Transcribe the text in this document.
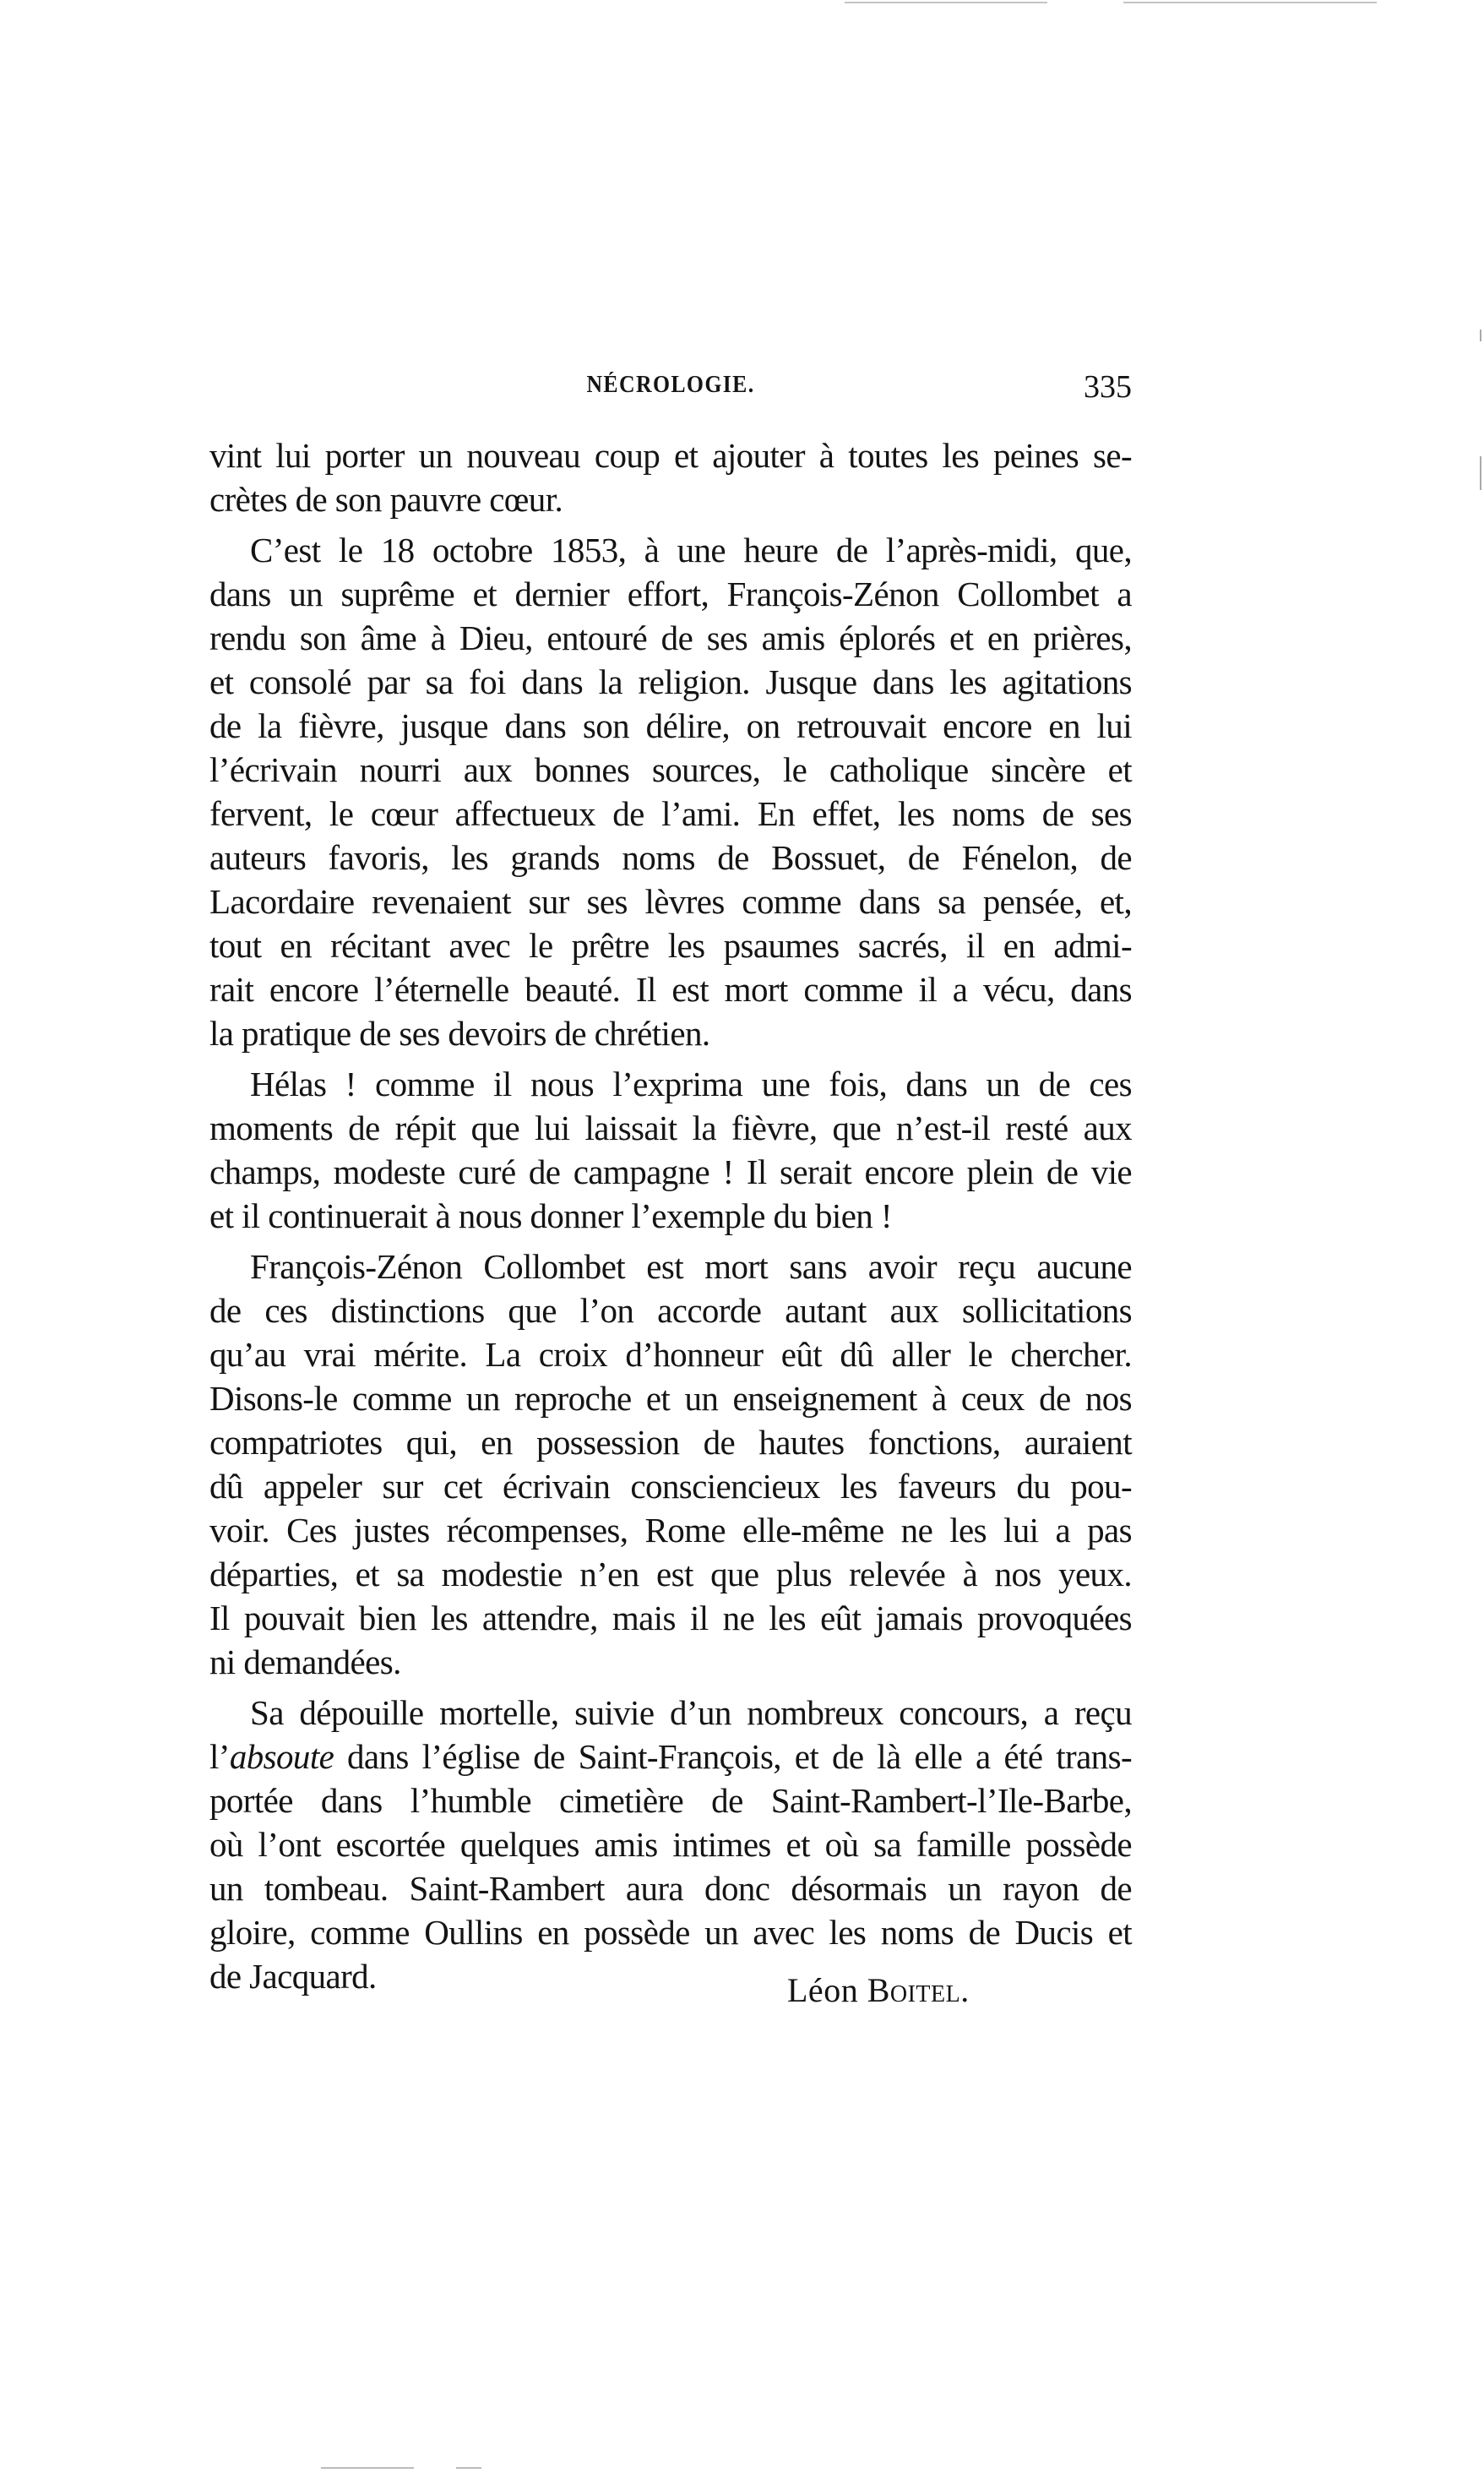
NÉCROLOGIE.	335
vint lui porter un nouveau coup et ajouter à toutes les peines se-
crètes de son pauvre cœur.
C’est le 18 octobre 1853, à une heure de l’après-midi, que,
dans un suprême et dernier effort, François-Zénon Collombet a
rendu son âme à Dieu, entouré de ses amis éplorés et en prières,
et consolé par sa foi dans la religion. Jusque dans les agitations
de la fièvre, jusque dans son délire, on retrouvait encore en lui
l’écrivain nourri aux bonnes sources, le catholique sincère et
fervent, le cœur affectueux de l’ami. En effet, les noms de ses
auteurs favoris, les grands noms de Bossuet, de Fénelon, de
Lacordaire revenaient sur ses lèvres comme dans sa pensée, et,
tout en récitant avec le prêtre les psaumes sacrés, il en admi-
rait encore l’éternelle beauté. Il est mort comme il a vécu, dans
la pratique de ses devoirs de chrétien.
Hélas ! comme il nous l’exprima une fois, dans un de ces
moments de répit que lui laissait la fièvre, que n’est-il resté aux
champs, modeste curé de campagne ! Il serait encore plein de vie
et il continuerait à nous donner l’exemple du bien !
François-Zénon Collombet est mort sans avoir reçu aucune
de ces distinctions que l’on accorde autant aux sollicitations
qu’au vrai mérite. La croix d’honneur eût dû aller le chercher.
Disons-le comme un reproche et un enseignement à ceux de nos
compatriotes qui, en possession de hautes fonctions, auraient
dû appeler sur cet écrivain consciencieux les faveurs du pou-
voir. Ces justes récompenses, Rome elle-même ne les lui a pas
départies, et sa modestie n’en est que plus relevée à nos yeux.
Il pouvait bien les attendre, mais il ne les eût jamais provoquées
ni demandées.
Sa dépouille mortelle, suivie d’un nombreux concours, a reçu
l’absoute dans l’église de Saint-François, et de là elle a été trans-
portée dans l’humble cimetière de Saint-Rambert-l’Ile-Barbe,
où l’ont escortée quelques amis intimes et où sa famille possède
un tombeau. Saint-Rambert aura donc désormais un rayon de
gloire, comme Oullins en possède un avec les noms de Ducis et
de Jacquard.	Léon Boitel.
